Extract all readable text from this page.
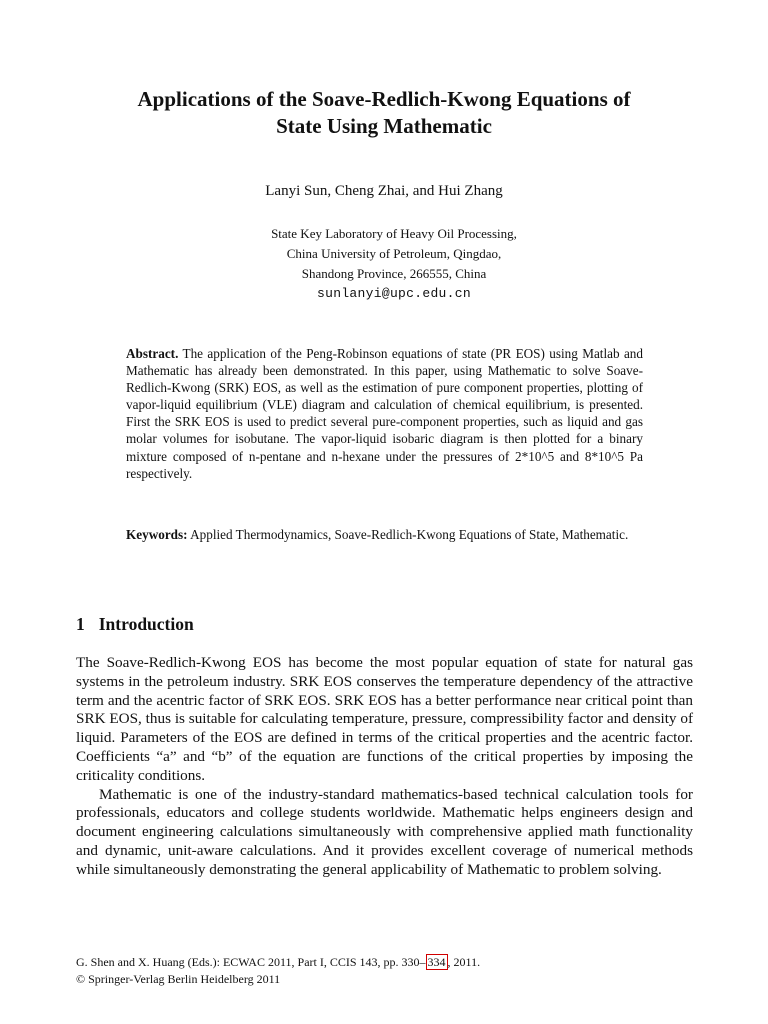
Applications of the Soave-Redlich-Kwong Equations of
State Using Mathematic
Lanyi Sun, Cheng Zhai, and Hui Zhang
State Key Laboratory of Heavy Oil Processing,
China University of Petroleum, Qingdao,
Shandong Province, 266555, China
sunlanyi@upc.edu.cn
Abstract. The application of the Peng-Robinson equations of state (PR EOS) using Matlab and Mathematic has already been demonstrated. In this paper, using Mathematic to solve Soave-Redlich-Kwong (SRK) EOS, as well as the estimation of pure component properties, plotting of vapor-liquid equilibrium (VLE) diagram and calculation of chemical equilibrium, is presented. First the SRK EOS is used to predict several pure-component properties, such as liquid and gas molar volumes for isobutane. The vapor-liquid isobaric diagram is then plotted for a binary mixture composed of n-pentane and n-hexane under the pressures of 2*10^5 and 8*10^5 Pa respectively.
Keywords: Applied Thermodynamics, Soave-Redlich-Kwong Equations of State, Mathematic.
1 Introduction

The Soave-Redlich-Kwong EOS has become the most popular equation of state for natural gas systems in the petroleum industry. SRK EOS conserves the temperature dependency of the attractive term and the acentric factor of SRK EOS. SRK EOS has a better performance near critical point than SRK EOS, thus is suitable for calculating temperature, pressure, compressibility factor and density of liquid. Parameters of the EOS are defined in terms of the critical properties and the acentric factor. Coefficients “a” and “b” of the equation are functions of the critical properties by imposing the criticality conditions.

Mathematic is one of the industry-standard mathematics-based technical calculation tools for professionals, educators and college students worldwide. Mathematic helps engineers design and document engineering calculations simultaneously with comprehensive applied math functionality and dynamic, unit-aware calculations. And it provides excellent coverage of numerical methods while simultaneously demonstrating the general applicability of Mathematic to problem solving.

G. Shen and X. Huang (Eds.): ECWAC 2011, Part I, CCIS 143, pp. 330– 334 , 2011.
© Springer-Verlag Berlin Heidelberg 2011
